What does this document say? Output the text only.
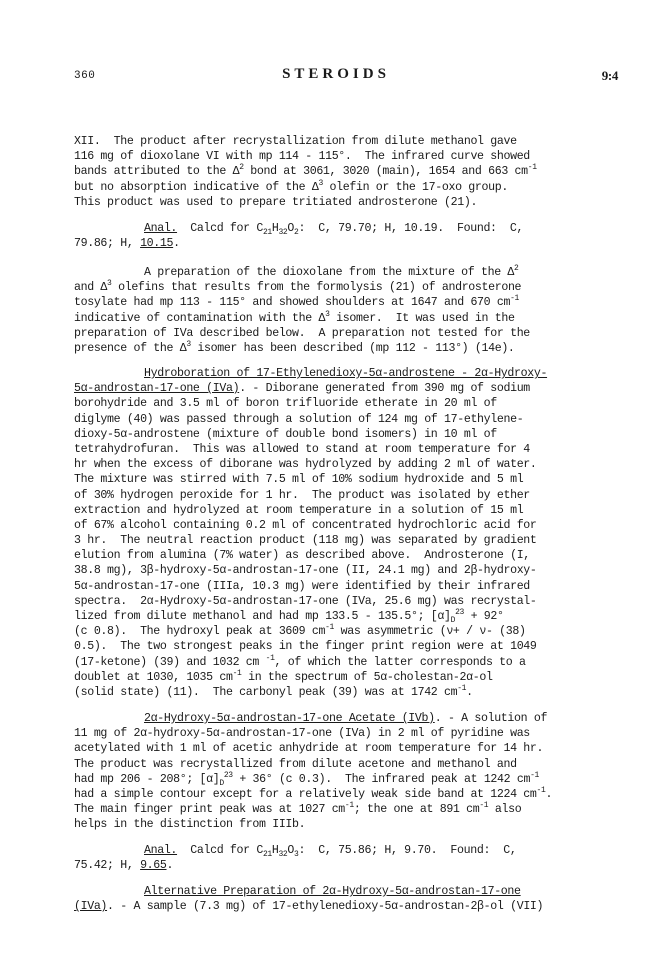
360	STEROIDS	9:4
XII.  The product after recrystallization from dilute methanol gave
116 mg of dioxolane VI with mp 114 - 115°.  The infrared curve showed
bands attributed to the $\Delta^2$ bond at 3061, 3020 (main), 1654 and 663 $cm^{-1}$
but no absorption indicative of the $\Delta^3$ olefin or the 17-oxo group.
This product was used to prepare tritiated androsterone (21).
Anal.  Calcd for $C_{21}H_{32}O_2$:  C, 79.70; H, 10.19.  Found:  C,
79.86; H, 10.15.
A preparation of the dioxolane from the mixture of the $\Delta^2$
and $\Delta^3$ olefins that results from the formolysis (21) of androsterone
tosylate had mp 113 - 115° and showed shoulders at 1647 and 670 $cm^{-1}$
indicative of contamination with the $\Delta^3$ isomer.  It was used in the
preparation of IVa described below.  A preparation not tested for the
presence of the $\Delta^3$ isomer has been described (mp 112 - 113°) (14e).
Hydroboration of 17-Ethylenedioxy-5α-androstene - 2α-Hydroxy-
5α-androstan-17-one (IVa). - Diborane generated from 390 mg of sodium
borohydride and 3.5 ml of boron trifluoride etherate in 20 ml of
diglyme (40) was passed through a solution of 124 mg of 17-ethylene-
dioxy-5α-androstene (mixture of double bond isomers) in 10 ml of
tetrahydrofuran.  This was allowed to stand at room temperature for 4
hr when the excess of diborane was hydrolyzed by adding 2 ml of water.
The mixture was stirred with 7.5 ml of 10% sodium hydroxide and 5 ml
of 30% hydrogen peroxide for 1 hr.  The product was isolated by ether
extraction and hydrolyzed at room temperature in a solution of 15 ml
of 67% alcohol containing 0.2 ml of concentrated hydrochloric acid for
3 hr.  The neutral reaction product (118 mg) was separated by gradient
elution from alumina (7% water) as described above.  Androsterone (I,
38.8 mg), 3β-hydroxy-5α-androstan-17-one (II, 24.1 mg) and 2β-hydroxy-
5α-androstan-17-one (IIIa, 10.3 mg) were identified by their infrared
spectra.  2α-Hydroxy-5α-androstan-17-one (IVa, 25.6 mg) was recrystal-
lized from dilute methanol and had mp 133.5 - 135.5°; $[\alpha]_D^{23} + 92^\circ$
(c 0.8).  The hydroxyl peak at 3609 $cm^{-1}$ was asymmetric (ν+ / ν- (38)
0.5).  The two strongest peaks in the finger print region were at 1049
(17-ketone) (39) and 1032 cm $^{-1}$, of which the latter corresponds to a
doublet at 1030, 1035 $cm^{-1}$ in the spectrum of 5α-cholestan-2α-ol
(solid state) (11).  The carbonyl peak (39) was at 1742 $cm^{-1}$.
2α-Hydroxy-5α-androstan-17-one Acetate (IVb). - A solution of
11 mg of 2α-hydroxy-5α-androstan-17-one (IVa) in 2 ml of pyridine was
acetylated with 1 ml of acetic anhydride at room temperature for 14 hr.
The product was recrystallized from dilute acetone and methanol and
had mp 206 - 208°; $[\alpha]_D^{23} + 36^\circ$ (c 0.3).  The infrared peak at 1242 $cm^{-1}$
had a simple contour except for a relatively weak side band at 1224 $cm^{-1}$.
The main finger print peak was at 1027 $cm^{-1}$; the one at 891 $cm^{-1}$ also
helps in the distinction from IIIb.
Anal.  Calcd for $C_{21}H_{32}O_3$:  C, 75.86; H, 9.70.  Found:  C,
75.42; H, 9.65.
Alternative Preparation of 2α-Hydroxy-5α-androstan-17-one
(IVa). - A sample (7.3 mg) of 17-ethylenedioxy-5α-androstan-2β-ol (VII)
